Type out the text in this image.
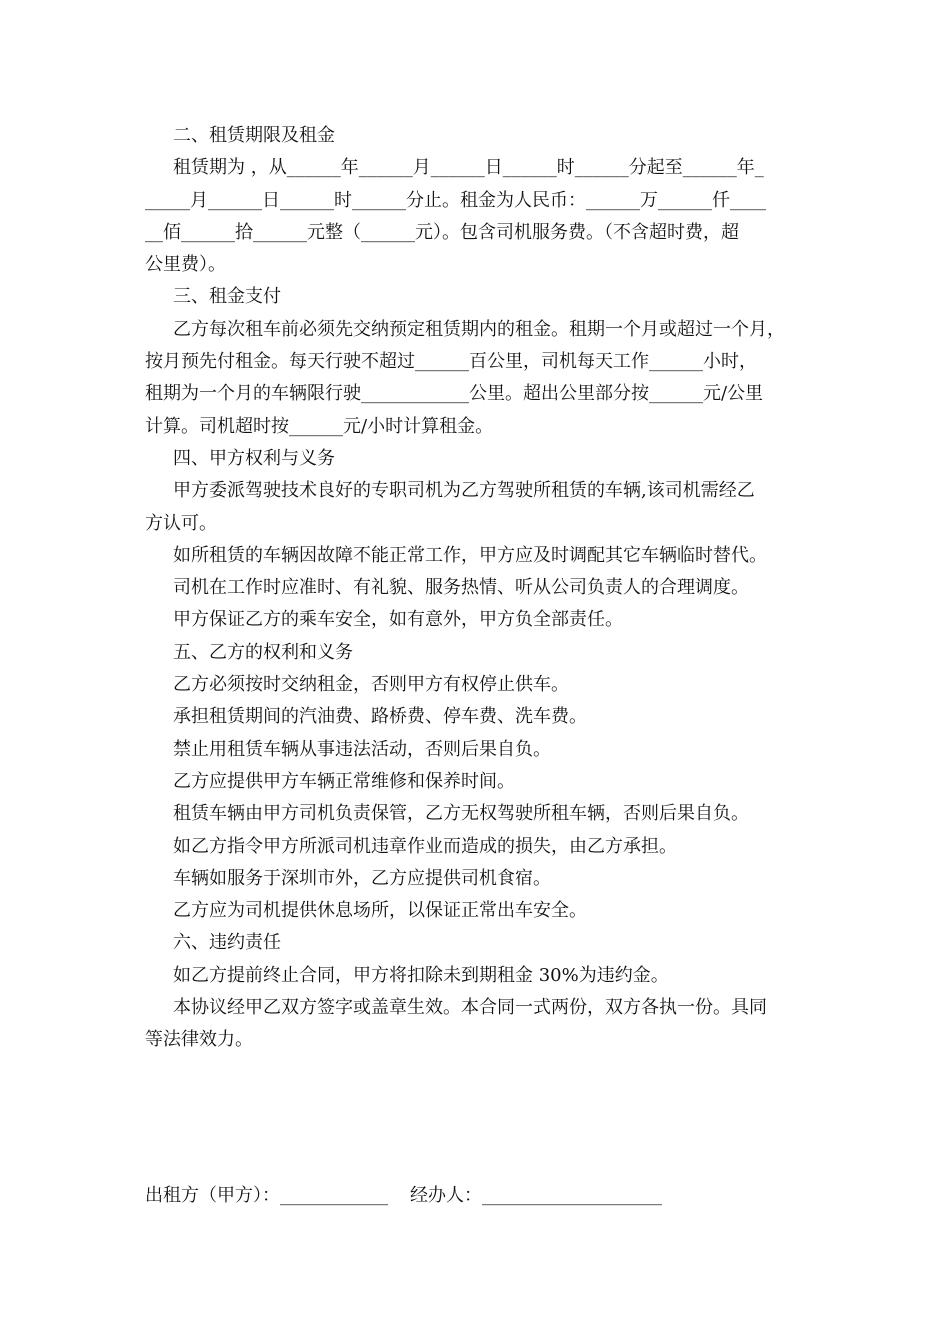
二、租赁期限及租金
租赁期为 ，从______年______月______日______时______分起至______年_
_____月______日______时______分止。租金为人民币：______万______仟____
__佰______拾______元整（______元）。包含司机服务费。（不含超时费，超
公里费）。
三、租金支付
乙方每次租车前必须先交纳预定租赁期内的租金。租期一个月或超过一个月，
按月预先付租金。每天行驶不超过______百公里，司机每天工作______小时，
租期为一个月的车辆限行驶____________公里。超出公里部分按______元/公里
计算。司机超时按______元/小时计算租金。
四、甲方权利与义务
甲方委派驾驶技术良好的专职司机为乙方驾驶所租赁的车辆,该司机需经乙
方认可。
如所租赁的车辆因故障不能正常工作，甲方应及时调配其它车辆临时替代。
司机在工作时应准时、有礼貌、服务热情、听从公司负责人的合理调度。
甲方保证乙方的乘车安全，如有意外，甲方负全部责任。
五、乙方的权利和义务
乙方必须按时交纳租金，否则甲方有权停止供车。
承担租赁期间的汽油费、路桥费、停车费、洗车费。
禁止用租赁车辆从事违法活动，否则后果自负。
乙方应提供甲方车辆正常维修和保养时间。
租赁车辆由甲方司机负责保管，乙方无权驾驶所租车辆，否则后果自负。
如乙方指令甲方所派司机违章作业而造成的损失，由乙方承担。
车辆如服务于深圳市外，乙方应提供司机食宿。
乙方应为司机提供休息场所，以保证正常出车安全。
六、违约责任
如乙方提前终止合同，甲方将扣除未到期租金 30%为违约金。
本协议经甲乙双方签字或盖章生效。本合同一式两份，双方各执一份。具同
等法律效力。
出租方（甲方）：____________ 经办人：____________________
